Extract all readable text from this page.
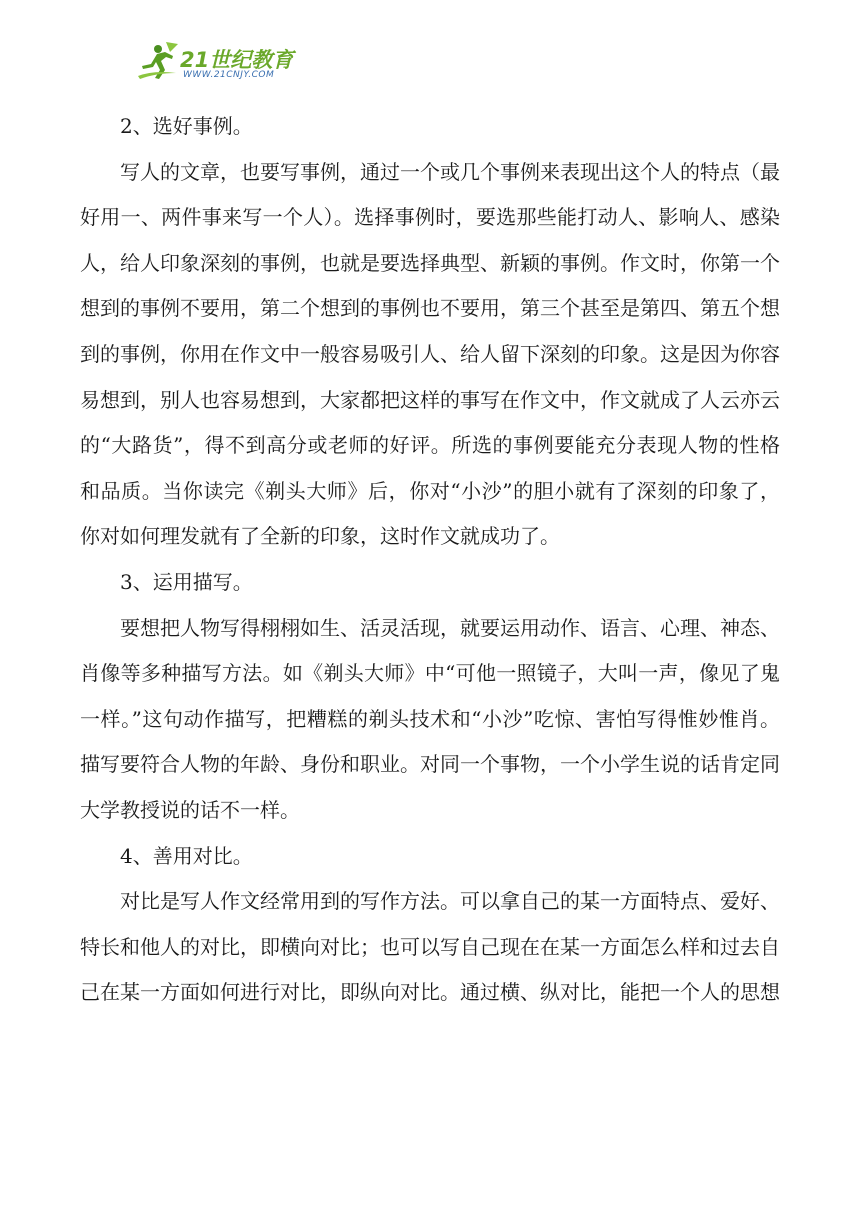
21世纪教育
WWW.21CNJY.COM

2、选好事例。

写人的文章，也要写事例，通过一个或几个事例来表现出这个人的特点（最好用一、两件事来写一个人）。选择事例时，要选那些能打动人、影响人、感染人，给人印象深刻的事例，也就是要选择典型、新颖的事例。作文时，你第一个想到的事例不要用，第二个想到的事例也不要用，第三个甚至是第四、第五个想到的事例，你用在作文中一般容易吸引人、给人留下深刻的印象。这是因为你容易想到，别人也容易想到，大家都把这样的事写在作文中，作文就成了人云亦云的“大路货”，得不到高分或老师的好评。所选的事例要能充分表现人物的性格和品质。当你读完《剃头大师》后，你对“小沙”的胆小就有了深刻的印象了，你对如何理发就有了全新的印象，这时作文就成功了。

3、运用描写。

要想把人物写得栩栩如生、活灵活现，就要运用动作、语言、心理、神态、肖像等多种描写方法。如《剃头大师》中“可他一照镜子，大叫一声，像见了鬼一样。”这句动作描写，把糟糕的剃头技术和“小沙”吃惊、害怕写得惟妙惟肖。描写要符合人物的年龄、身份和职业。对同一个事物，一个小学生说的话肯定同大学教授说的话不一样。

4、善用对比。

对比是写人作文经常用到的写作方法。可以拿自己的某一方面特点、爱好、特长和他人的对比，即横向对比；也可以写自己现在在某一方面怎么样和过去自己在某一方面如何进行对比，即纵向对比。通过横、纵对比，能把一个人的思想
